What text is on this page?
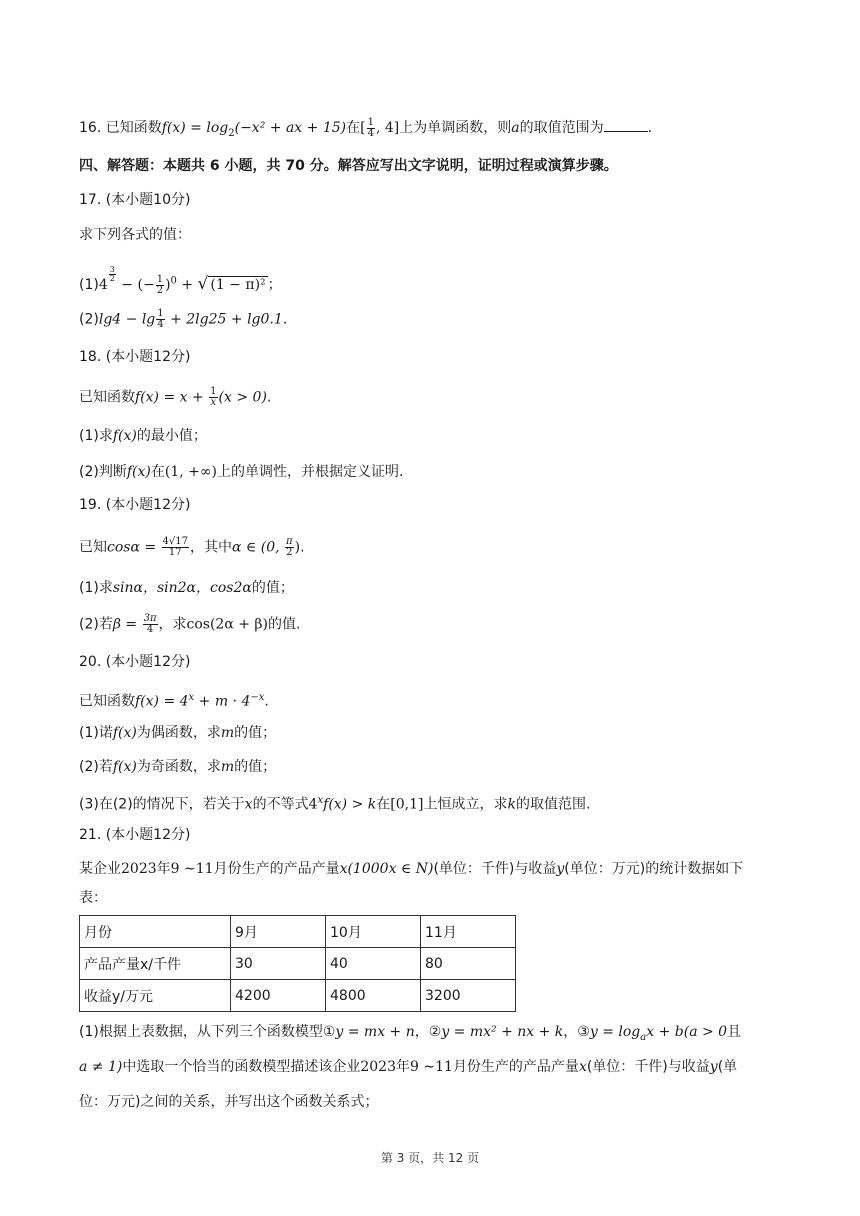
16. 已知函数$f(x) = \log_2(-x^2$ + ax + 15)在[ $\frac{1}{4}$ , 4]上为单调函数，则a的取值范围为	.
四、解答题：本题共 6 小题，共 70 分。解答应写出文字说明，证明过程或演算步骤。
17. (本小题10分)
求下列各式的值：
(1)4
$^{\frac{3}{2}}$
− (− $\frac{1}{2} )^0$ + √ (1 − π)² ；
$(2)\lg 4 - \lg \frac{1}{4} + 2\lg 25 + \lg 0.1$.
18. (本小题12分)
已知函数$f(x) = x + \frac{1}{x} (x > 0)$.
(1)求f(x)的最小值；
(2)判断f(x)在(1, +∞)上的单调性，并根据定义证明.
19. (本小题12分)
已知$\cos\alpha = \frac{4√17}{17}$ ，其中α ∈ (0, $\frac{\pi}{2}$ ).
(1)求sinα，sin2α，cos2α的值；
(2)若$\beta = \frac{3\pi}{4}$ ，求cos(2α + β)的值.
20. (本小题12分)
已知函数$f(x) = 4^x + m \cdot 4^{-x}$.
(1)诺f(x)为偶函数，求m的值；
(2)若f(x)为奇函数，求m的值；
(3)在(2)的情况下，若关于x的不等式$4^xf(x) > k$在[0,1]上恒成立，求k的取值范围.
21. (本小题12分)
某企业2023年9 ∼11月份生产的产品产量x(1000x ∈ N)(单位：千件)与收益y(单位：万元)的统计数据如下
表：
月份	9月	10月	11月
产品产量x/千件	30	40	80
收益y/万元	4200	4800	3200
(1)根据上表数据，从下列三个函数模型①y = mx + n，②y = mx² + nx + k，③y = $\log_ax + b(a > 0$且
a ≠ 1)中选取一个恰当的函数模型描述该企业2023年9 ∼11月份生产的产品产量x(单位：千件)与收益y(单
位：万元)之间的关系，并写出这个函数关系式；
第 3 页，共 12 页
